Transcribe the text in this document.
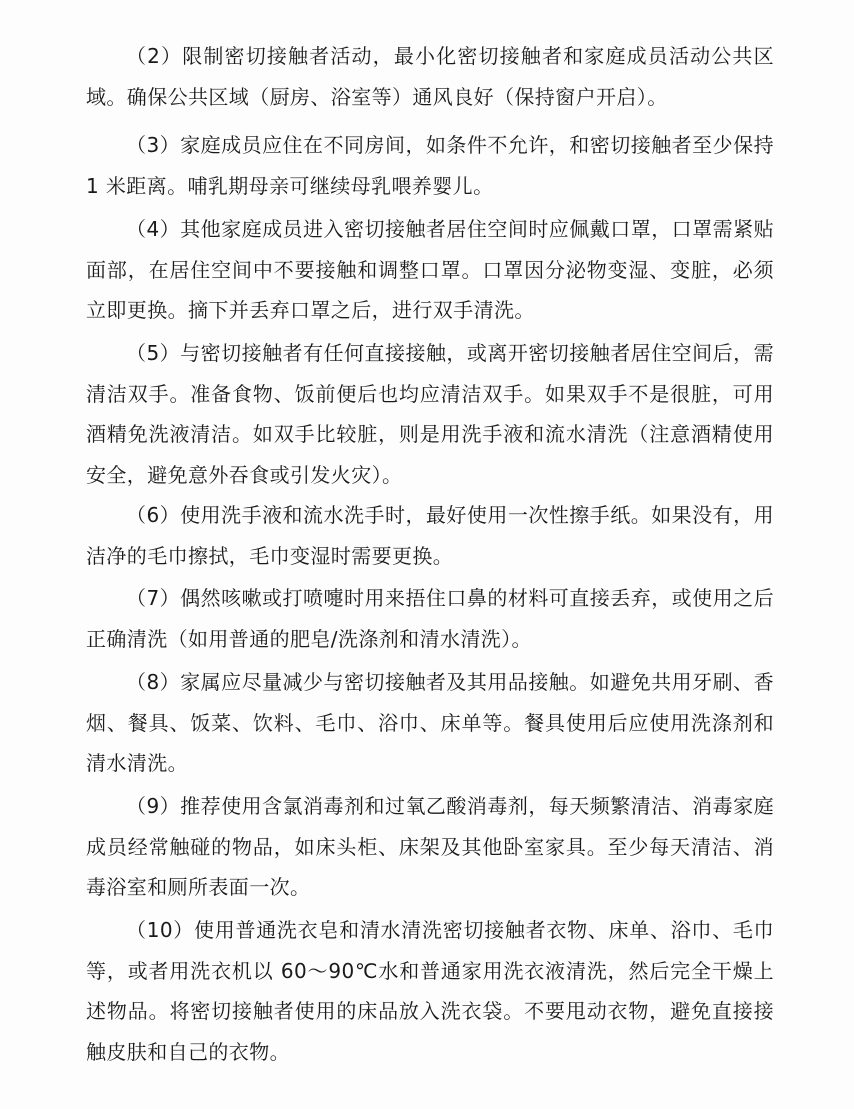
（2）限制密切接触者活动，最小化密切接触者和家庭成员活动公共区域。确保公共区域（厨房、浴室等）通风良好（保持窗户开启）。

（3）家庭成员应住在不同房间，如条件不允许，和密切接触者至少保持 1 米距离。哺乳期母亲可继续母乳喂养婴儿。

（4）其他家庭成员进入密切接触者居住空间时应佩戴口罩，口罩需紧贴面部，在居住空间中不要接触和调整口罩。口罩因分泌物变湿、变脏，必须立即更换。摘下并丢弃口罩之后，进行双手清洗。

（5）与密切接触者有任何直接接触，或离开密切接触者居住空间后，需清洁双手。准备食物、饭前便后也均应清洁双手。如果双手不是很脏，可用酒精免洗液清洁。如双手比较脏，则是用洗手液和流水清洗（注意酒精使用安全，避免意外吞食或引发火灾）。

（6）使用洗手液和流水洗手时，最好使用一次性擦手纸。如果没有，用洁净的毛巾擦拭，毛巾变湿时需要更换。

（7）偶然咳嗽或打喷嚏时用来捂住口鼻的材料可直接丢弃，或使用之后正确清洗（如用普通的肥皂/洗涤剂和清水清洗）。

（8）家属应尽量减少与密切接触者及其用品接触。如避免共用牙刷、香烟、餐具、饭菜、饮料、毛巾、浴巾、床单等。餐具使用后应使用洗涤剂和清水清洗。

（9）推荐使用含氯消毒剂和过氧乙酸消毒剂，每天频繁清洁、消毒家庭成员经常触碰的物品，如床头柜、床架及其他卧室家具。至少每天清洁、消毒浴室和厕所表面一次。

（10）使用普通洗衣皂和清水清洗密切接触者衣物、床单、浴巾、毛巾等，或者用洗衣机以 60～90℃水和普通家用洗衣液清洗，然后完全干燥上述物品。将密切接触者使用的床品放入洗衣袋。不要甩动衣物，避免直接接触皮肤和自己的衣物。
